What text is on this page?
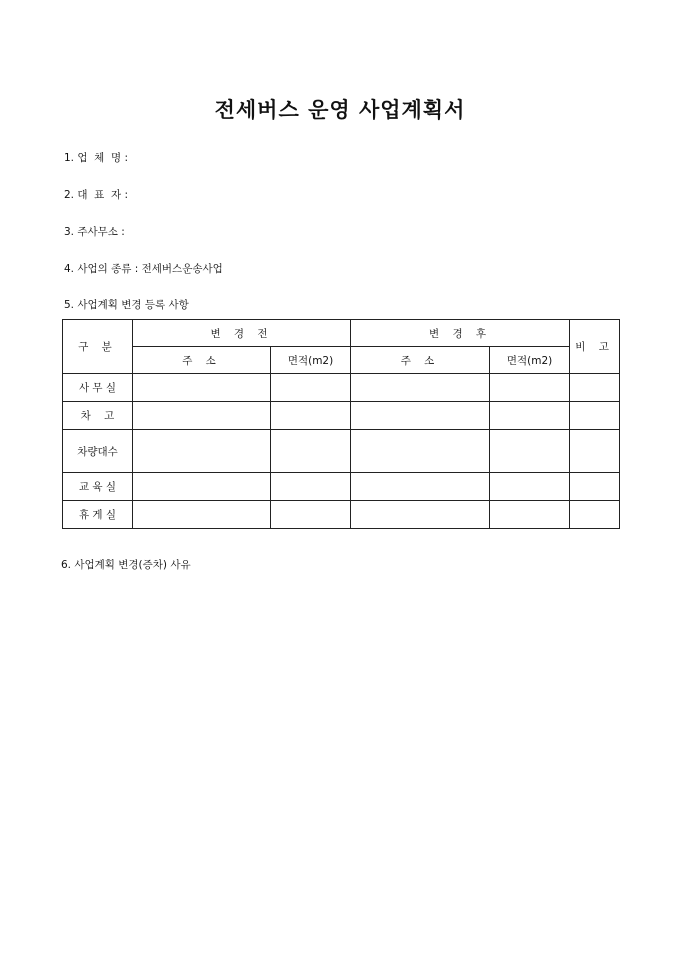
전세버스 운영 사업계획서
1. 업  체  명 :
2. 대  표  자 :
3. 주사무소 :
4. 사업의 종류 : 전세버스운송사업
5. 사업계획 변경 등록 사항
구 분	변 경 전		변 경 후		비 고
	주 소	면적(m2)	주 소	면적(m2)	
사 무 실					
차    고					
차량대수					
교 육 실					
휴 게 실					
6. 사업계획 변경(증차) 사유
